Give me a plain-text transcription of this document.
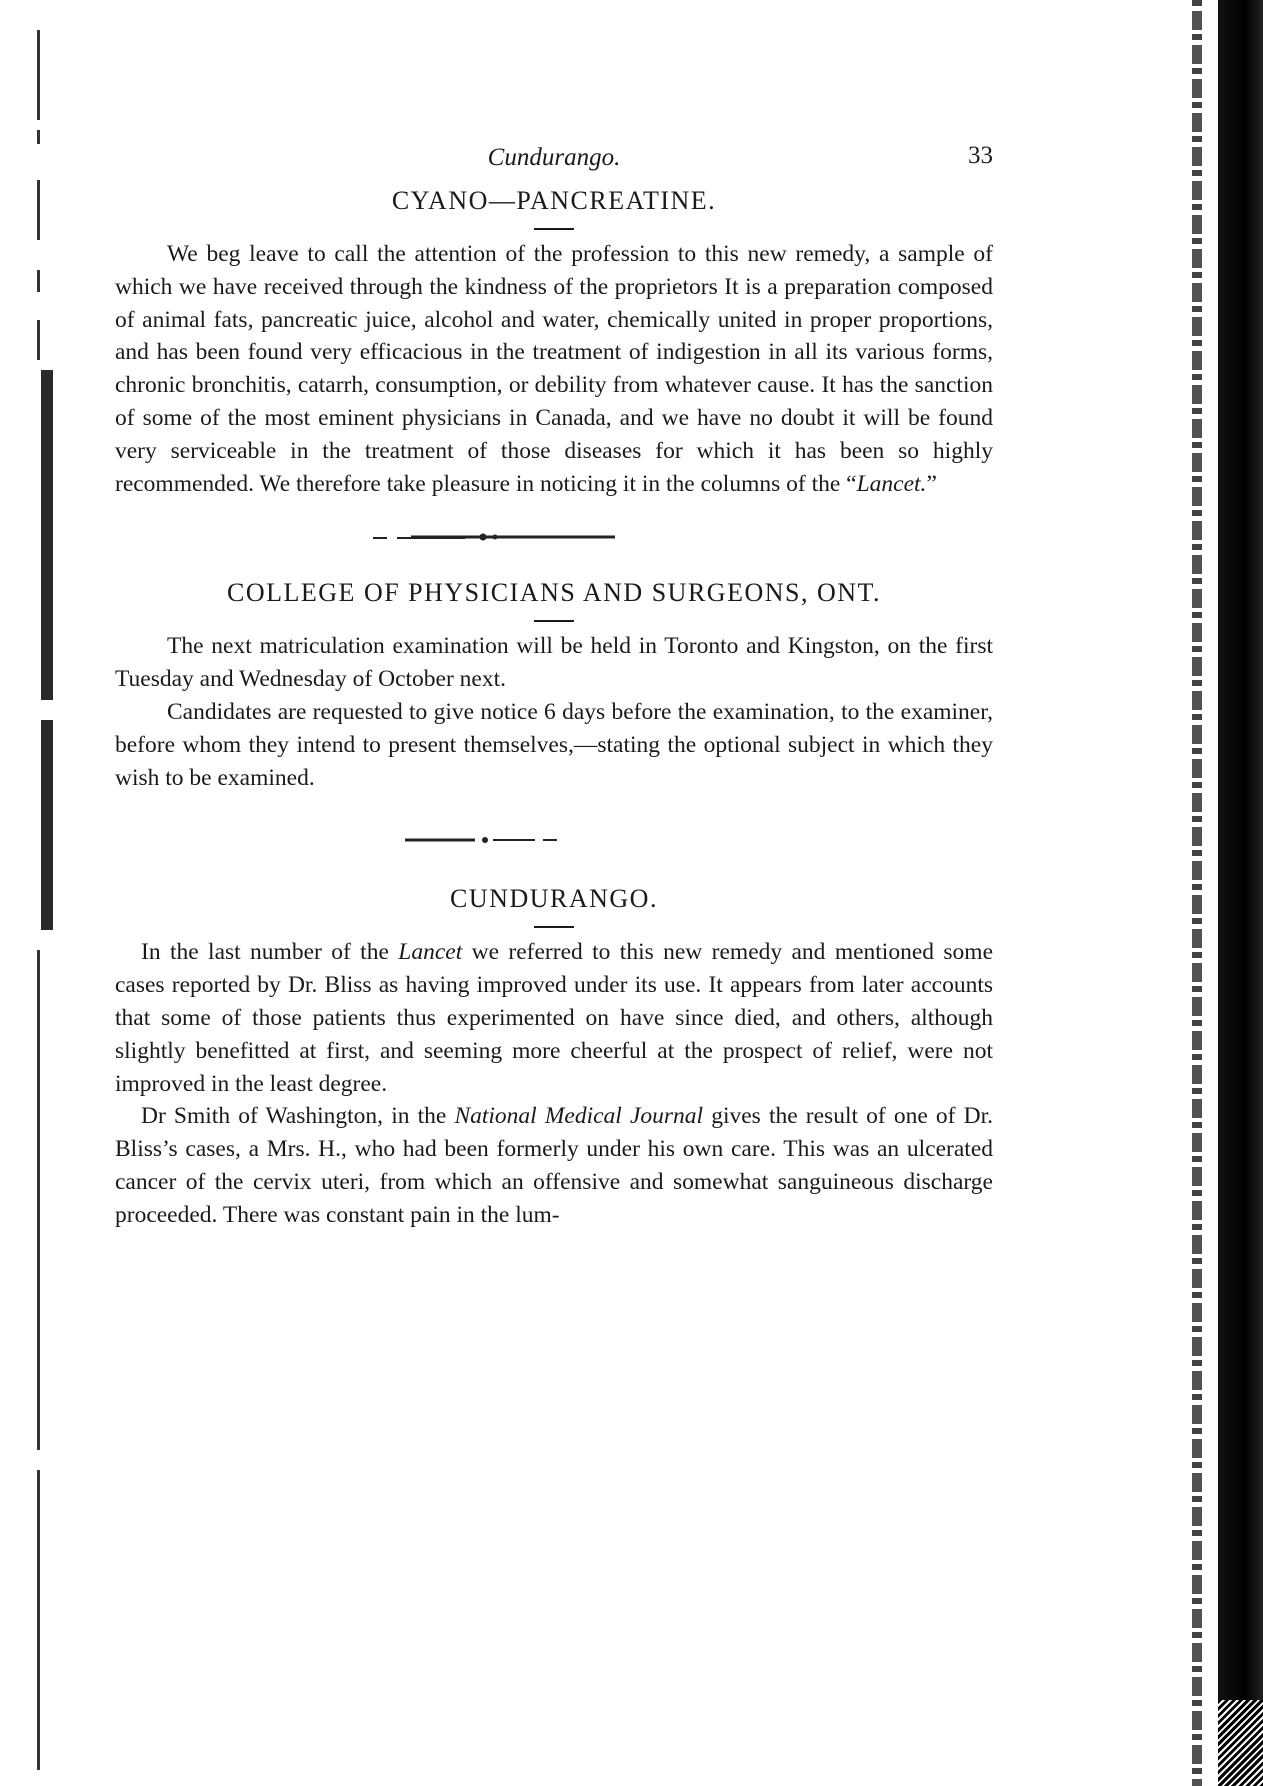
Cundurango.	33
CYANO—PANCREATINE.

We beg leave to call the attention of the profession to this new remedy, a sample of which we have received through the kindness of the proprietors It is a preparation composed of animal fats, pancreatic juice, alcohol and water, chemically united in proper proportions, and has been found very efficacious in the treatment of indigestion in all its various forms, chronic bronchitis, catarrh, consumption, or debility from whatever cause. It has the sanction of some of the most eminent physicians in Canada, and we have no doubt it will be found very serviceable in the treatment of those diseases for which it has been so highly recommended. We therefore take pleasure in noticing it in the columns of the “Lancet.”

COLLEGE OF PHYSICIANS AND SURGEONS, ONT.

The next matriculation examination will be held in Toronto and Kingston, on the first Tuesday and Wednesday of October next.

Candidates are requested to give notice 6 days before the examination, to the examiner, before whom they intend to present themselves,—stating the optional subject in which they wish to be examined.

CUNDURANGO.

In the last number of the Lancet we referred to this new remedy and mentioned some cases reported by Dr. Bliss as having improved under its use. It appears from later accounts that some of those patients thus experimented on have since died, and others, although slightly benefitted at first, and seeming more cheerful at the prospect of relief, were not improved in the least degree.

Dr Smith of Washington, in the National Medical Journal gives the result of one of Dr. Bliss’s cases, a Mrs. H., who had been formerly under his own care. This was an ulcerated cancer of the cervix uteri, from which an offensive and somewhat sanguineous discharge proceeded. There was constant pain in the lum-
